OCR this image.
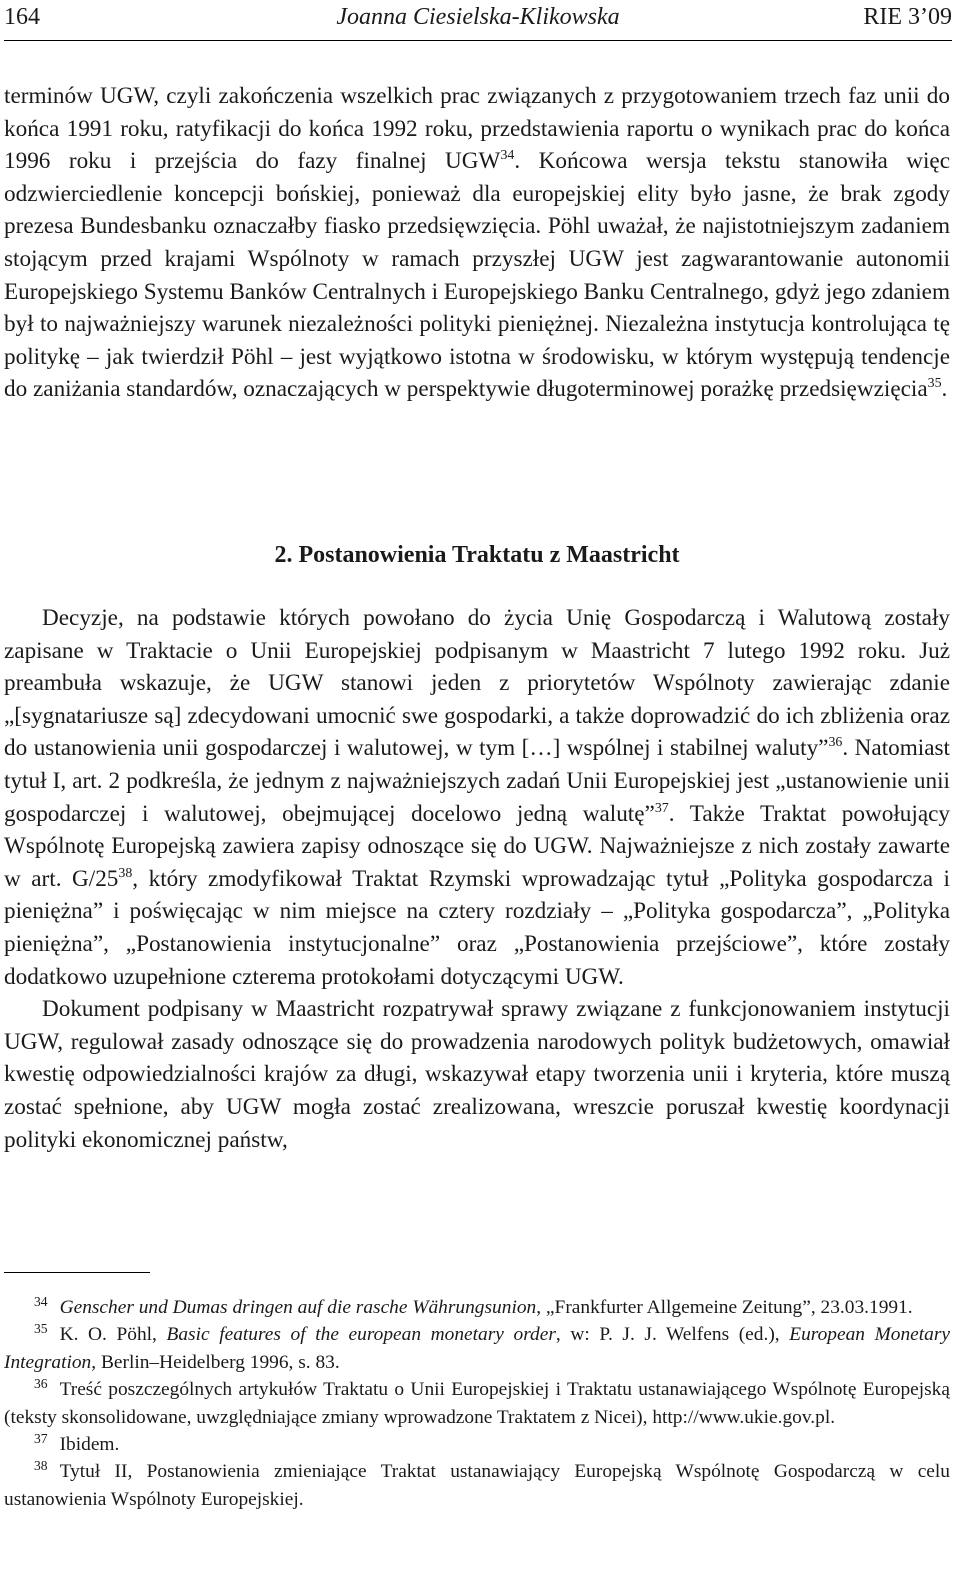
164	Joanna Ciesielska-Klikowska	RIE 3’09

terminów UGW, czyli zakończenia wszelkich prac związanych z przygotowaniem trzech faz unii do końca 1991 roku, ratyfikacji do końca 1992 roku, przedstawienia raportu o wynikach prac do końca 1996 roku i przejścia do fazy finalnej UGW$^{34}$. Końcowa wersja tekstu stanowiła więc odzwierciedlenie koncepcji bońskiej, ponieważ dla europejskiej elity było jasne, że brak zgody prezesa Bundesbanku oznaczałby fiasko przedsięwzięcia. Pöhl uważał, że najistotniejszym zadaniem stojącym przed krajami Wspólnoty w ramach przyszłej UGW jest zagwarantowanie autonomii Europejskiego Systemu Banków Centralnych i Europejskiego Banku Centralnego, gdyż jego zdaniem był to najważniejszy warunek niezależności polityki pieniężnej. Niezależna instytucja kontrolująca tę politykę – jak twierdził Pöhl – jest wyjątkowo istotna w środowisku, w którym występują tendencje do zaniżania standardów, oznaczających w perspektywie długoterminowej porażkę przedsięwzięcia$^{35}$.

2. Postanowienia Traktatu z Maastricht

Decyzje, na podstawie których powołano do życia Unię Gospodarczą i Walutową zostały zapisane w Traktacie o Unii Europejskiej podpisanym w Maastricht 7 lutego 1992 roku. Już preambuła wskazuje, że UGW stanowi jeden z priorytetów Wspólnoty zawierając zdanie „[sygnatariusze są] zdecydowani umocnić swe gospodarki, a także doprowadzić do ich zbliżenia oraz do ustanowienia unii gospodarczej i walutowej, w tym […] wspólnej i stabilnej waluty”$^{36}$. Natomiast tytuł I, art. 2 podkreśla, że jednym z najważniejszych zadań Unii Europejskiej jest „ustanowienie unii gospodarczej i walutowej, obejmującej docelowo jedną walutę”$^{37}$. Także Traktat powołujący Wspólnotę Europejską zawiera zapisy odnoszące się do UGW. Najważniejsze z nich zostały zawarte w art. $G/25^{38}$, który zmodyfikował Traktat Rzymski wprowadzając tytuł „Polityka gospodarcza i pieniężna” i poświęcając w nim miejsce na cztery rozdziały – „Polityka gospodarcza”, „Polityka pieniężna”, „Postanowienia instytucjonalne” oraz „Postanowienia przejściowe”, które zostały dodatkowo uzupełnione czterema protokołami dotyczącymi UGW.

Dokument podpisany w Maastricht rozpatrywał sprawy związane z funkcjonowaniem instytucji UGW, regulował zasady odnoszące się do prowadzenia narodowych polityk budżetowych, omawiał kwestię odpowiedzialności krajów za długi, wskazywał etapy tworzenia unii i kryteria, które muszą zostać spełnione, aby UGW mogła zostać zrealizowana, wreszcie poruszał kwestię koordynacji polityki ekonomicznej państw,

$^{34}$ Genscher und Dumas dringen auf die rasche Währungsunion, „Frankfurter Allgemeine Zeitung”, 23.03.1991.

$^{35}$ K. O. Pöhl, Basic features of the european monetary order, w: P. J. J. Welfens (ed.), European Monetary Integration, Berlin–Heidelberg 1996, s. 83.

$^{36}$ Treść poszczególnych artykułów Traktatu o Unii Europejskiej i Traktatu ustanawiającego Wspólnotę Europejską (teksty skonsolidowane, uwzględniające zmiany wprowadzone Traktatem z Nicei), http://www.ukie.gov.pl.

$^{37}$ Ibidem.

$^{38}$ Tytuł II, Postanowienia zmieniające Traktat ustanawiający Europejską Wspólnotę Gospodarczą w celu ustanowienia Wspólnoty Europejskiej.
